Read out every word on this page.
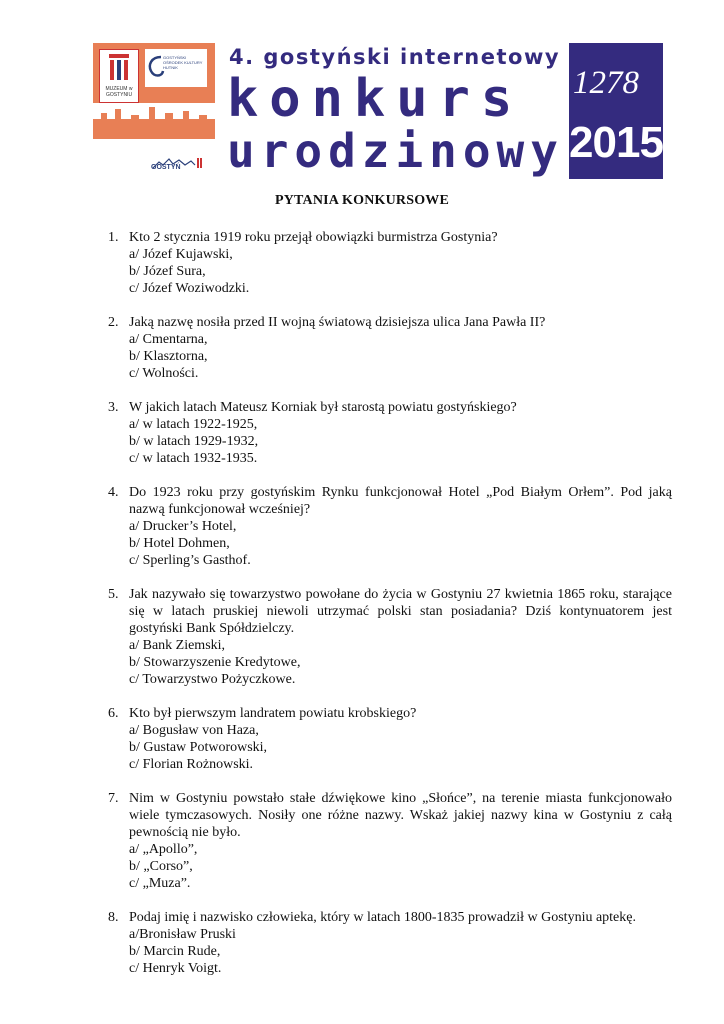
MUZEUM w GOSTYNIU
GOSTYŃSKI OŚRODEK KULTURY HUTNIK
GOSTYŃ
4. gostyński internetowy
konkurs
urodzinowy
1278
2015
PYTANIA KONKURSOWE
1. Kto 2 stycznia 1919 roku przejął obowiązki burmistrza Gostynia?
a/ Józef Kujawski,
b/ Józef Sura,
c/ Józef Woziwodzki.
2. Jaką nazwę nosiła przed II wojną światową dzisiejsza ulica Jana Pawła II?
a/ Cmentarna,
b/ Klasztorna,
c/ Wolności.
3. W jakich latach Mateusz Korniak był starostą powiatu gostyńskiego?
a/ w latach 1922-1925,
b/ w latach 1929-1932,
c/ w latach 1932-1935.
4. Do 1923 roku przy gostyńskim Rynku funkcjonował Hotel „Pod Białym Orłem”. Pod jaką nazwą funkcjonował wcześniej?
a/ Drucker’s Hotel,
b/ Hotel Dohmen,
c/ Sperling’s Gasthof.
5. Jak nazywało się towarzystwo powołane do życia w Gostyniu 27 kwietnia 1865 roku, starające się w latach pruskiej niewoli utrzymać polski stan posiadania? Dziś kontynuatorem jest gostyński Bank Spółdzielczy.
a/ Bank Ziemski,
b/ Stowarzyszenie Kredytowe,
c/ Towarzystwo Pożyczkowe.
6. Kto był pierwszym landratem powiatu krobskiego?
a/ Bogusław von Haza,
b/ Gustaw Potworowski,
c/ Florian Rożnowski.
7. Nim w Gostyniu powstało stałe dźwiękowe kino „Słońce”, na terenie miasta funkcjonowało wiele tymczasowych. Nosiły one różne nazwy. Wskaż jakiej nazwy kina w Gostyniu z całą pewnością nie było.
a/ „Apollo”,
b/ „Corso”,
c/ „Muza”.
8. Podaj imię i nazwisko człowieka, który w latach 1800-1835 prowadził w Gostyniu aptekę.
a/Bronisław Pruski
b/ Marcin Rude,
c/ Henryk Voigt.
